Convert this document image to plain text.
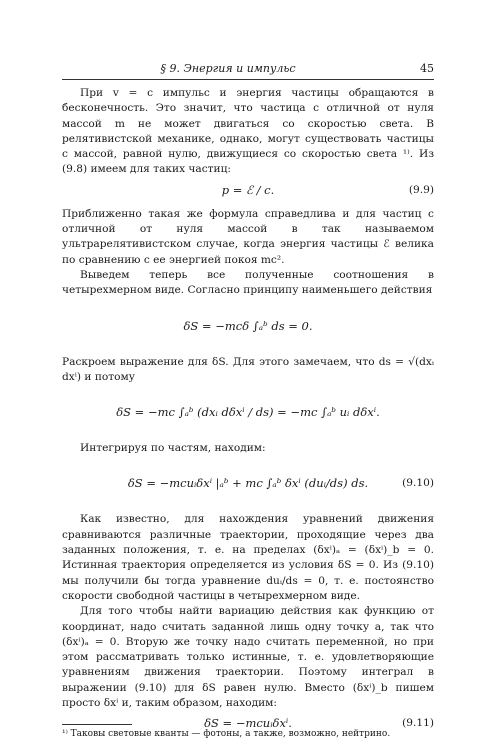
§ 9. Энергия и импульс	45

При v = c импульс и энергия частицы обращаются в бесконечность. Это значит, что частица с отличной от нуля массой m не может двигаться со скоростью света. В релятивистской механике, однако, могут существовать частицы с массой, равной нулю, движущиеся со скоростью света ¹⁾. Из (9.8) имеем для таких частиц:

p = ℰ / c.	(9.9)

Приближенно такая же формула справедлива и для частиц с отличной от нуля массой в так называемом ультрарелятивистском случае, когда энергия частицы ℰ велика по сравнению с ее энергией покоя mc².

Выведем теперь все полученные соотношения в четырехмерном виде. Согласно принципу наименьшего действия

δS = −mcδ ∫ₐᵇ ds = 0.

Раскроем выражение для δS. Для этого замечаем, что ds = √(dxᵢ dxⁱ) и потому

δS = −mc ∫ₐᵇ (dxᵢ dδxⁱ / ds) = −mc ∫ₐᵇ uᵢ dδxⁱ.

Интегрируя по частям, находим:

δS = −mcuᵢδxⁱ |ₐᵇ + mc ∫ₐᵇ δxⁱ (duᵢ/ds) ds.	(9.10)

Как известно, для нахождения уравнений движения сравниваются различные траектории, проходящие через два заданных положения, т. е. на пределах (δxⁱ)ₐ = (δxⁱ)_b = 0. Истинная траектория определяется из условия δS = 0. Из (9.10) мы получили бы тогда уравнение duᵢ/ds = 0, т. е. постоянство скорости свободной частицы в четырехмерном виде.

Для того чтобы найти вариацию действия как функцию от координат, надо считать заданной лишь одну точку a, так что (δxⁱ)ₐ = 0. Вторую же точку надо считать переменной, но при этом рассматривать только истинные, т. е. удовлетворяющие уравнениям движения траектории. Поэтому интеграл в выражении (9.10) для δS равен нулю. Вместо (δxⁱ)_b пишем просто δxⁱ и, таким образом, находим:

δS = −mcuᵢδxⁱ.	(9.11)
¹⁾ Таковы световые кванты — фотоны, а также, возможно, нейтрино.
